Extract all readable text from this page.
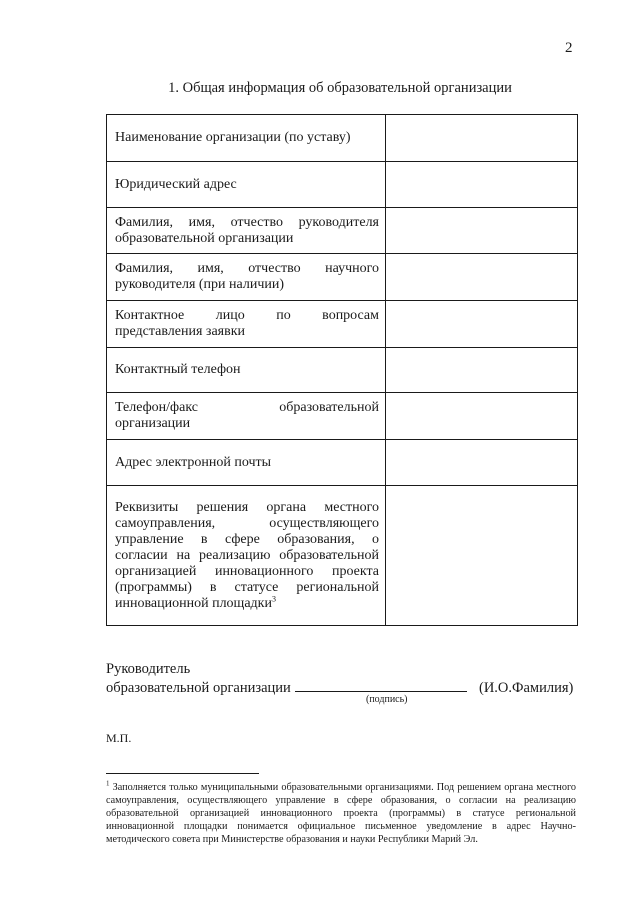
2
1. Общая информация об образовательной организации
Наименование организации (по уставу)	

Юридический адрес	

Фамилия, имя, отчество руководителя образовательной организации	

Фамилия, имя, отчество научного руководителя (при наличии)	

Контактное лицо по вопросам представления заявки	

Контактный телефон	

Телефон/факс образовательной организации	

Адрес электронной почты	

Реквизиты решения органа местного самоуправления, осуществляющего управление в сфере образования, о согласии на реализацию образовательной организацией инновационного проекта (программы) в статусе региональной инновационной площадки$^3$

Руководитель
образовательной организации	(И.О.Фамилия)
(подпись)
М.П.
$^1$ Заполняется только муниципальными образовательными организациями. Под решением органа местного самоуправления, осуществляющего управление в сфере образования, о согласии на реализацию образовательной организацией инновационного проекта (программы) в статусе региональной инновационной площадки понимается официальное письменное уведомление в адрес Научно-методического совета при Министерстве образования и науки Республики Марий Эл.
